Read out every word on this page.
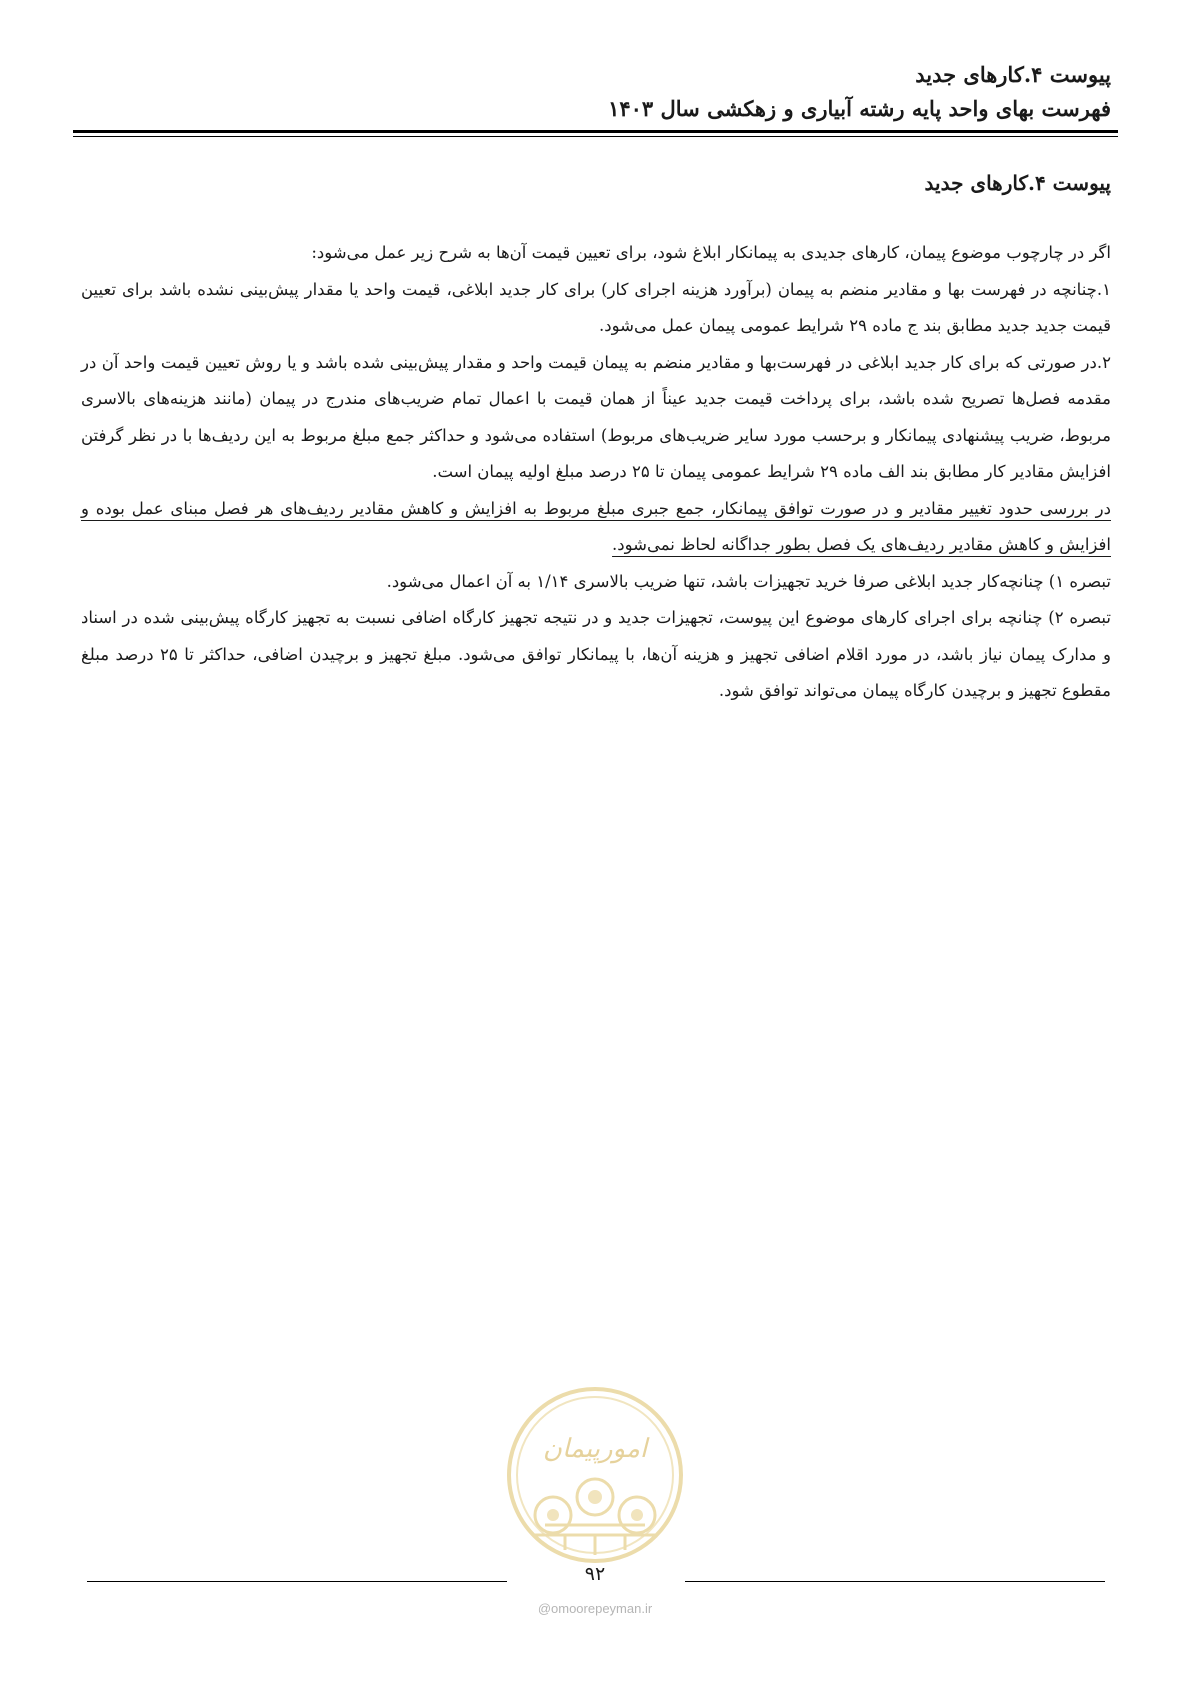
پیوست ۴.کارهای جدید
فهرست بهای واحد پایه رشته آبیاری و زهکشی سال ۱۴۰۳
پیوست ۴.کارهای جدید

اگر در چارچوب موضوع پیمان، کارهای جدیدی به پیمانکار ابلاغ شود، برای تعیین قیمت آن‌ها به شرح زیر عمل می‌شود:

۱.چنانچه در فهرست بها و مقادیر منضم به پیمان (برآورد هزینه اجرای کار) برای کار جدید ابلاغی، قیمت واحد یا مقدار پیش‌بینی نشده باشد برای تعیین قیمت جدید جدید مطابق بند ج ماده ۲۹ شرایط عمومی پیمان عمل می‌شود.

۲.در صورتی که برای کار جدید ابلاغی در فهرست‌بها و مقادیر منضم به پیمان قیمت واحد و مقدار پیش‌بینی شده باشد و یا روش تعیین قیمت واحد آن در مقدمه فصل‌ها تصریح شده باشد، برای پرداخت قیمت جدید عیناً از همان قیمت با اعمال تمام ضریب‌های مندرج در پیمان (مانند هزینه‌های بالاسری مربوط، ضریب پیشنهادی پیمانکار و برحسب مورد سایر ضریب‌های مربوط) استفاده می‌شود و حداکثر جمع مبلغ مربوط به این ردیف‌ها با در نظر گرفتن افزایش مقادیر کار مطابق بند الف ماده ۲۹ شرایط عمومی پیمان تا ۲۵ درصد مبلغ اولیه پیمان است.

در بررسی حدود تغییر مقادیر و در صورت توافق پیمانکار، جمع جبری مبلغ مربوط به افزایش و کاهش مقادیر ردیف‌های هر فصل مبنای عمل بوده و افزایش و کاهش مقادیر ردیف‌های یک فصل بطور جداگانه لحاظ نمی‌شود.

تبصره ۱) چنانچه‌کار جدید ابلاغی صرفا خرید تجهیزات باشد، تنها ضریب بالاسری ۱/۱۴ به آن اعمال می‌شود.

تبصره ۲) چنانچه برای اجرای کارهای موضوع این پیوست، تجهیزات جدید و در نتیجه تجهیز کارگاه اضافی نسبت به تجهیز کارگاه پیش‌بینی شده در اسناد و مدارک پیمان نیاز باشد، در مورد اقلام اضافی تجهیز و هزینه آن‌ها، با پیمانکار توافق می‌شود. مبلغ تجهیز و برچیدن اضافی، حداکثر تا ۲۵ درصد مبلغ مقطوع تجهیز و برچیدن کارگاه پیمان می‌تواند توافق شود.

امورپیمان
۹۲
@omoorepeyman.ir
